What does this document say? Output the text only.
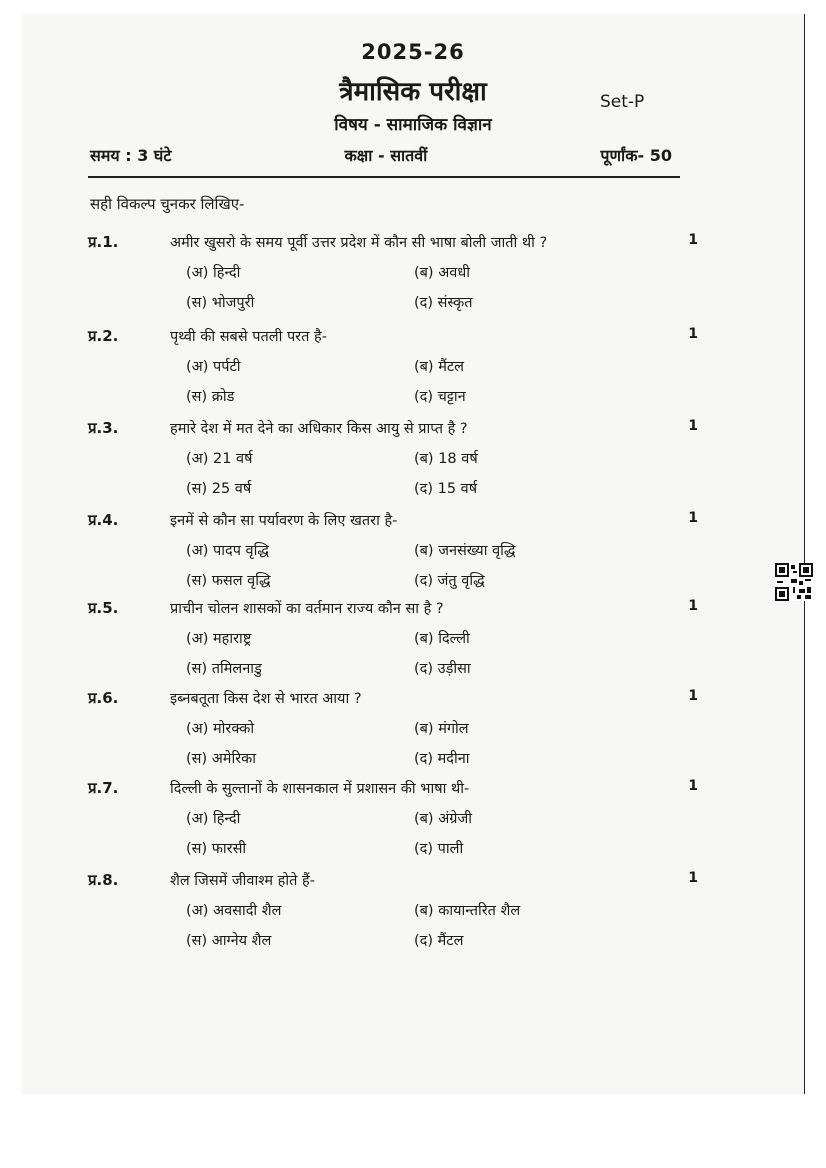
2025-26
त्रैमासिक परीक्षा	Set-P
विषय - सामाजिक विज्ञान
समय : 3 घंटे	कक्षा - सातवीं	पूर्णांक- 50
सही विकल्प चुनकर लिखिए-
प्र.1.	अमीर खुसरो के समय पूर्वी उत्तर प्रदेश में कौन सी भाषा बोली जाती थी ?	1
(अ) हिन्दी	(ब) अवधी
(स) भोजपुरी	(द) संस्कृत
प्र.2.	पृथ्वी की सबसे पतली परत है-	1
(अ) पर्पटी	(ब) मैंटल
(स) क्रोड	(द) चट्टान
प्र.3.	हमारे देश में मत देने का अधिकार किस आयु से प्राप्त है ?	1
(अ) 21 वर्ष	(ब) 18 वर्ष
(स) 25 वर्ष	(द) 15 वर्ष
प्र.4.	इनमें से कौन सा पर्यावरण के लिए खतरा है-	1
(अ) पादप वृद्धि	(ब) जनसंख्या वृद्धि
(स) फसल वृद्धि	(द) जंतु वृद्धि
प्र.5.	प्राचीन चोलन शासकों का वर्तमान राज्य कौन सा है ?	1
(अ) महाराष्ट्र	(ब) दिल्ली
(स) तमिलनाडु	(द) उड़ीसा
प्र.6.	इब्नबतूता किस देश से भारत आया ?	1
(अ) मोरक्को	(ब) मंगोल
(स) अमेरिका	(द) मदीना
प्र.7.	दिल्ली के सुल्तानों के शासनकाल में प्रशासन की भाषा थी-	1
(अ) हिन्दी	(ब) अंग्रेजी
(स) फारसी	(द) पाली
प्र.8.	शैल जिसमें जीवाश्म होते हैं-	1
(अ) अवसादी शैल	(ब) कायान्तरित शैल
(स) आग्नेय शैल	(द) मैंटल
